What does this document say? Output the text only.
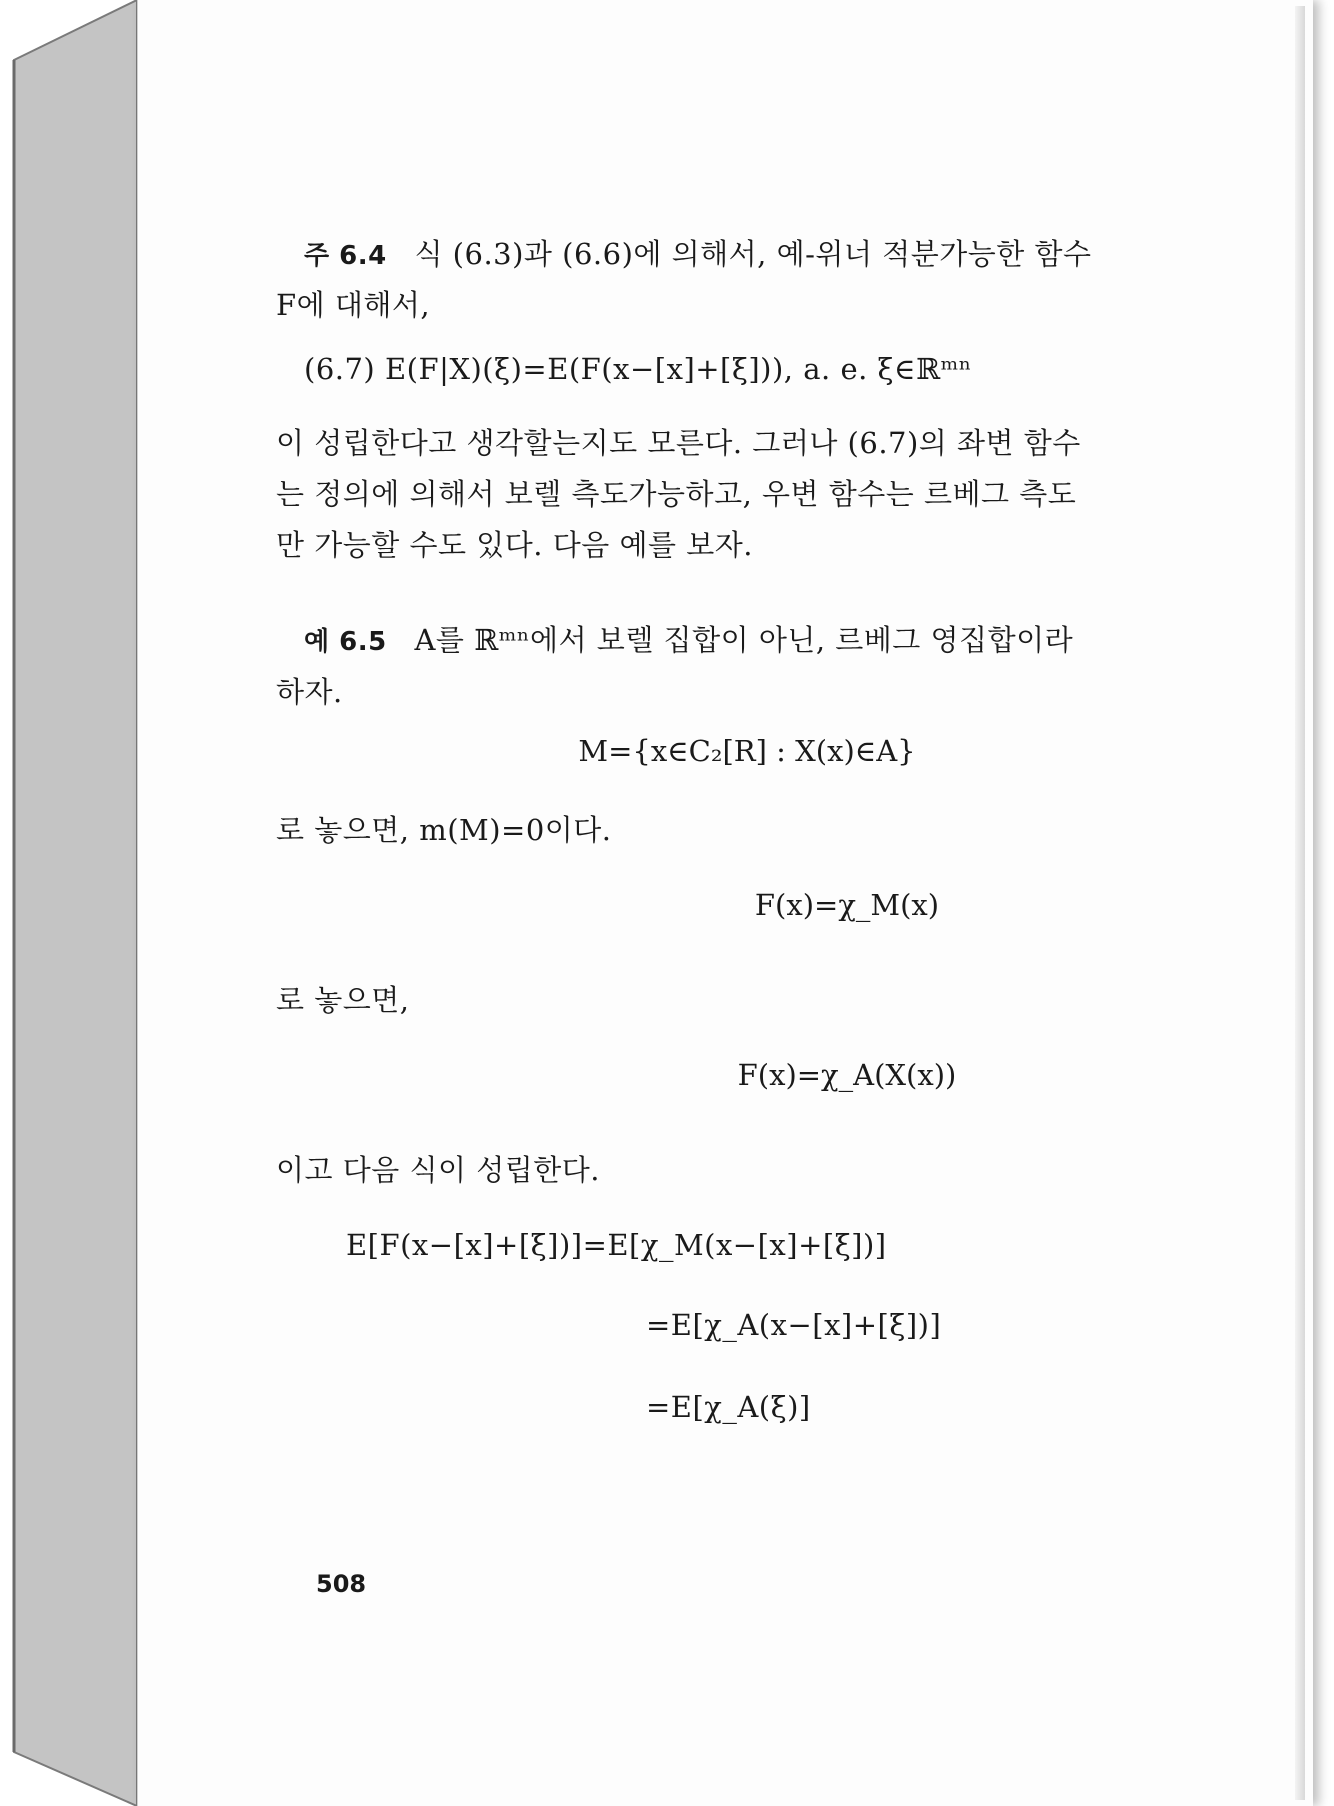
주 6.4 식 (6.3)과 (6.6)에 의해서, 예-위너 적분가능한 함수
F에 대해서,
(6.7) E(F|X)(ξ)=E(F(x−[x]+[ξ])), a. e. ξ∈ℝᵐⁿ
이 성립한다고 생각할는지도 모른다. 그러나 (6.7)의 좌변 함수
는 정의에 의해서 보렐 측도가능하고, 우변 함수는 르베그 측도
만 가능할 수도 있다. 다음 예를 보자.
예 6.5 A를 ℝᵐⁿ에서 보렐 집합이 아닌, 르베그 영집합이라
하자.
M={x∈C₂[R] : X(x)∈A}
로 놓으면, m(M)=0이다.
F(x)=χ_M(x)
로 놓으면,
F(x)=χ_A(X(x))
이고 다음 식이 성립한다.
E[F(x−[x]+[ξ])]=E[χ_M(x−[x]+[ξ])]
=E[χ_A(x−[x]+[ξ])]
=E[χ_A(ξ)]
508
